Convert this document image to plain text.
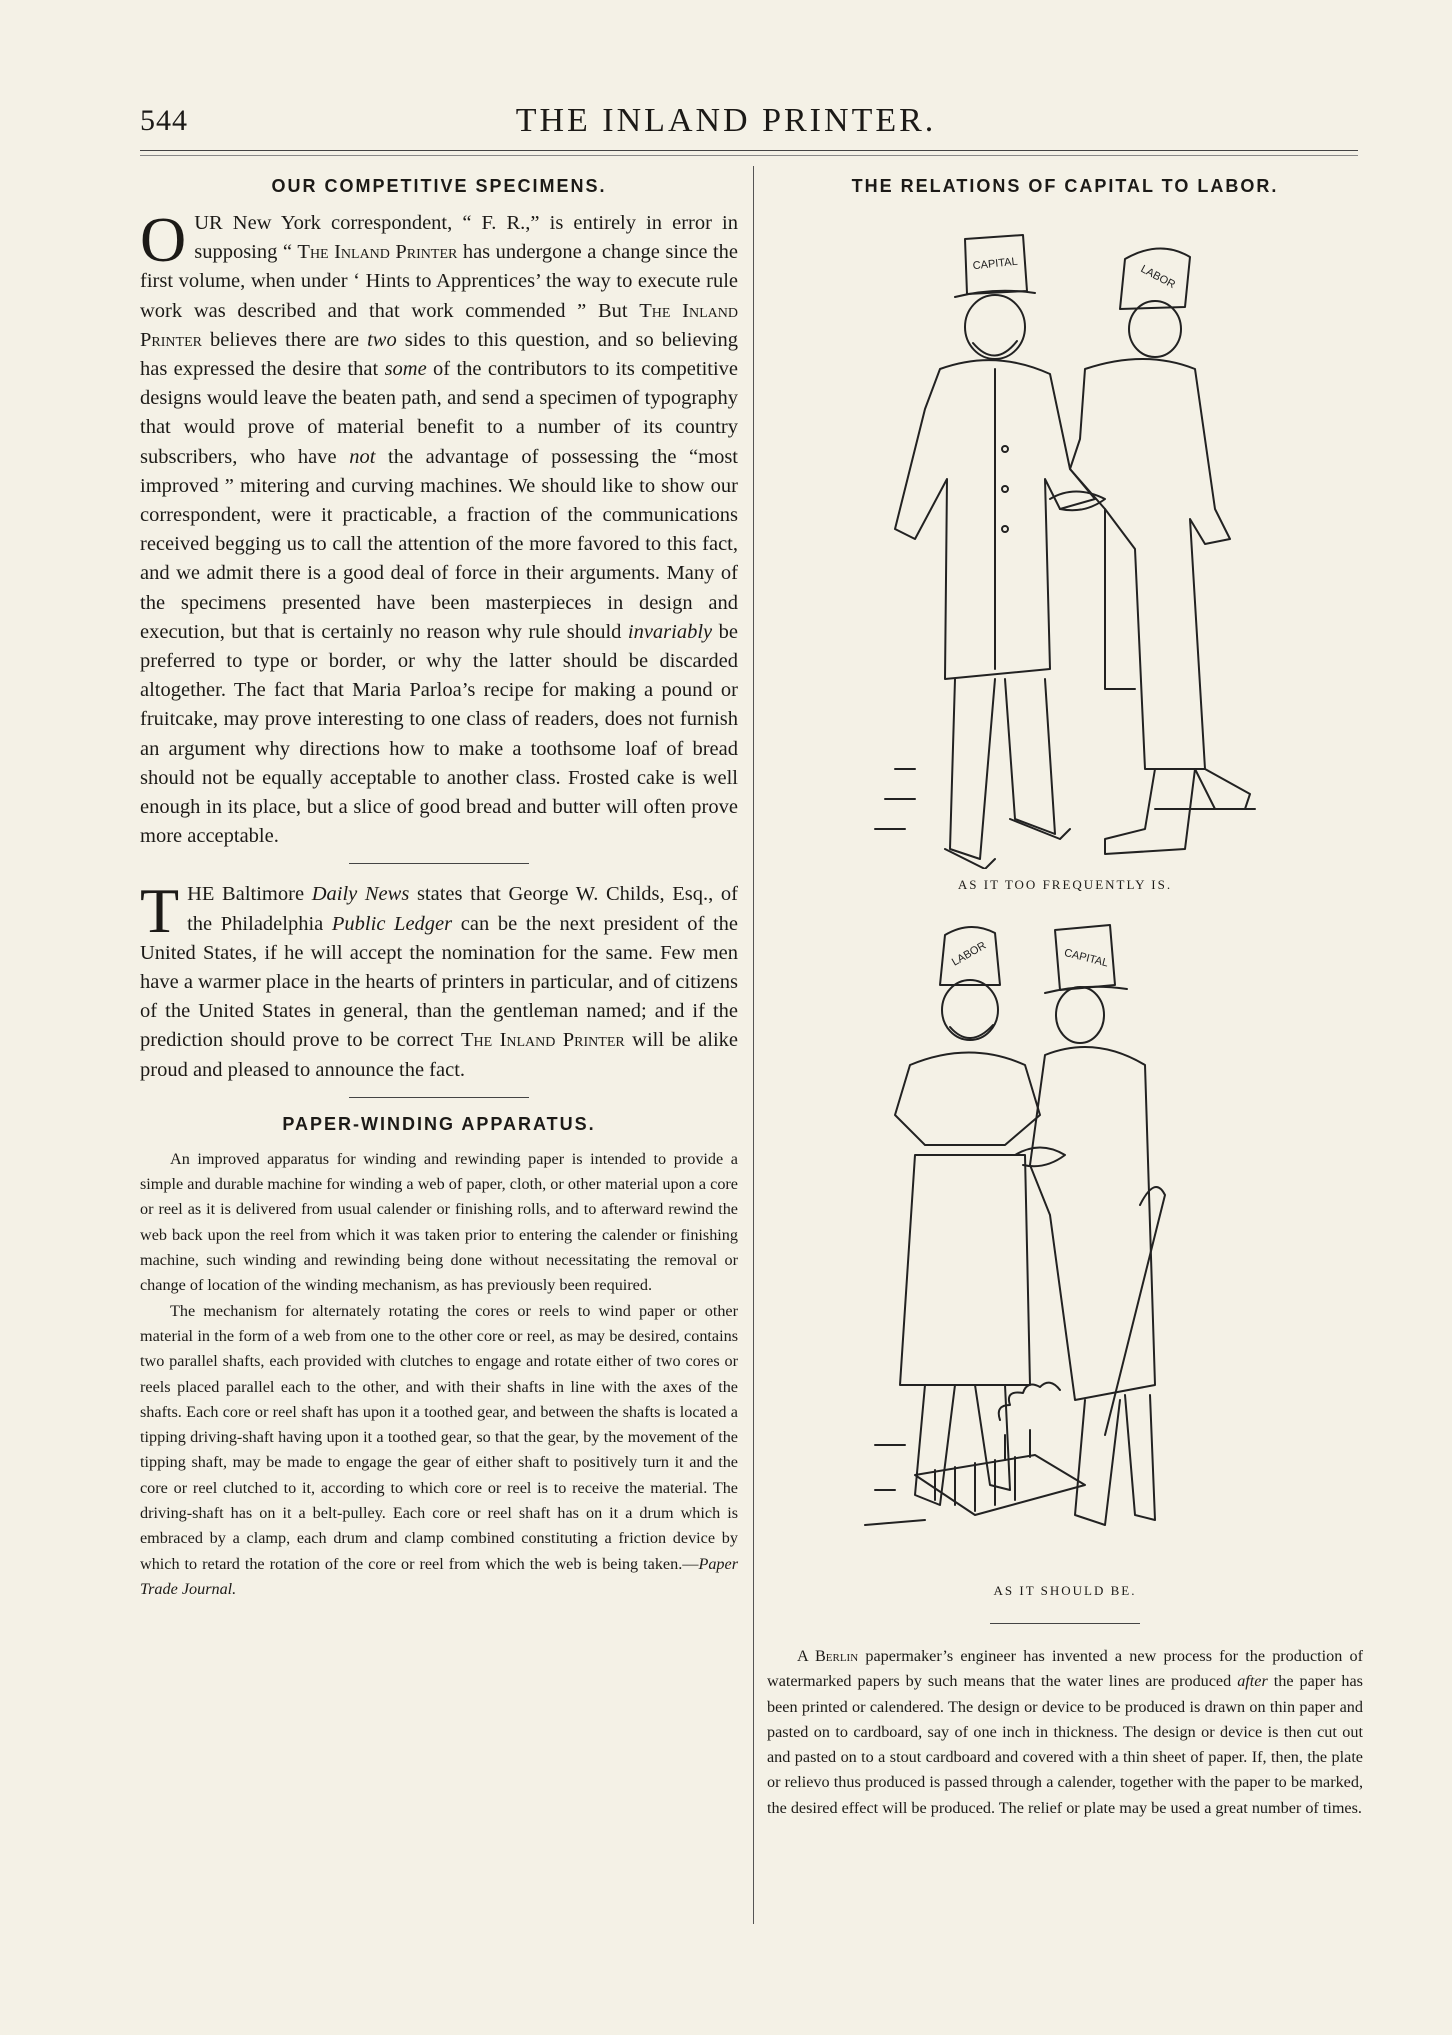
544	THE INLAND PRINTER.
OUR COMPETITIVE SPECIMENS.

OUR New York correspondent, “ F. R.,” is entirely in error in supposing “ The Inland Printer has undergone a change since the first volume, when under ‘ Hints to Apprentices’ the way to execute rule work was described and that work commended ” But The Inland Printer believes there are two sides to this question, and so believing has expressed the desire that some of the contributors to its competitive designs would leave the beaten path, and send a specimen of typography that would prove of material benefit to a number of its country subscribers, who have not the advantage of possessing the “most improved ” mitering and curving machines. We should like to show our correspondent, were it practicable, a fraction of the communications received begging us to call the attention of the more favored to this fact, and we admit there is a good deal of force in their arguments. Many of the specimens presented have been masterpieces in design and execution, but that is certainly no reason why rule should invariably be preferred to type or border, or why the latter should be discarded altogether. The fact that Maria Parloa’s recipe for making a pound or fruitcake, may prove interesting to one class of readers, does not furnish an argument why directions how to make a toothsome loaf of bread should not be equally acceptable to another class. Frosted cake is well enough in its place, but a slice of good bread and butter will often prove more acceptable.

THE Baltimore Daily News states that George W. Childs, Esq., of the Philadelphia Public Ledger can be the next president of the United States, if he will accept the nomination for the same. Few men have a warmer place in the hearts of printers in particular, and of citizens of the United States in general, than the gentleman named; and if the prediction should prove to be correct The Inland Printer will be alike proud and pleased to announce the fact.

PAPER-WINDING APPARATUS.

An improved apparatus for winding and rewinding paper is intended to provide a simple and durable machine for winding a web of paper, cloth, or other material upon a core or reel as it is delivered from usual calender or finishing rolls, and to afterward rewind the web back upon the reel from which it was taken prior to entering the calender or finishing machine, such winding and rewinding being done without necessitating the removal or change of location of the winding mechanism, as has previously been required.

The mechanism for alternately rotating the cores or reels to wind paper or other material in the form of a web from one to the other core or reel, as may be desired, contains two parallel shafts, each provided with clutches to engage and rotate either of two cores or reels placed parallel each to the other, and with their shafts in line with the axes of the shafts. Each core or reel shaft has upon it a toothed gear, and between the shafts is located a tipping driving-shaft having upon it a toothed gear, so that the gear, by the movement of the tipping shaft, may be made to engage the gear of either shaft to positively turn it and the core or reel clutched to it, according to which core or reel is to receive the material. The driving-shaft has on it a belt-pulley. Each core or reel shaft has on it a drum which is embraced by a clamp, each drum and clamp combined constituting a friction device by which to retard the rotation of the core or reel from which the web is being taken.—Paper Trade Journal.

THE RELATIONS OF CAPITAL TO LABOR.
CAPITAL	LABOR
AS IT TOO FREQUENTLY IS.
LABOR	CAPITAL
AS IT SHOULD BE.

A Berlin papermaker’s engineer has invented a new process for the production of watermarked papers by such means that the water lines are produced after the paper has been printed or calendered. The design or device to be produced is drawn on thin paper and pasted on to cardboard, say of one inch in thickness. The design or device is then cut out and pasted on to a stout cardboard and covered with a thin sheet of paper. If, then, the plate or relievo thus produced is passed through a calender, together with the paper to be marked, the desired effect will be produced. The relief or plate may be used a great number of times.
